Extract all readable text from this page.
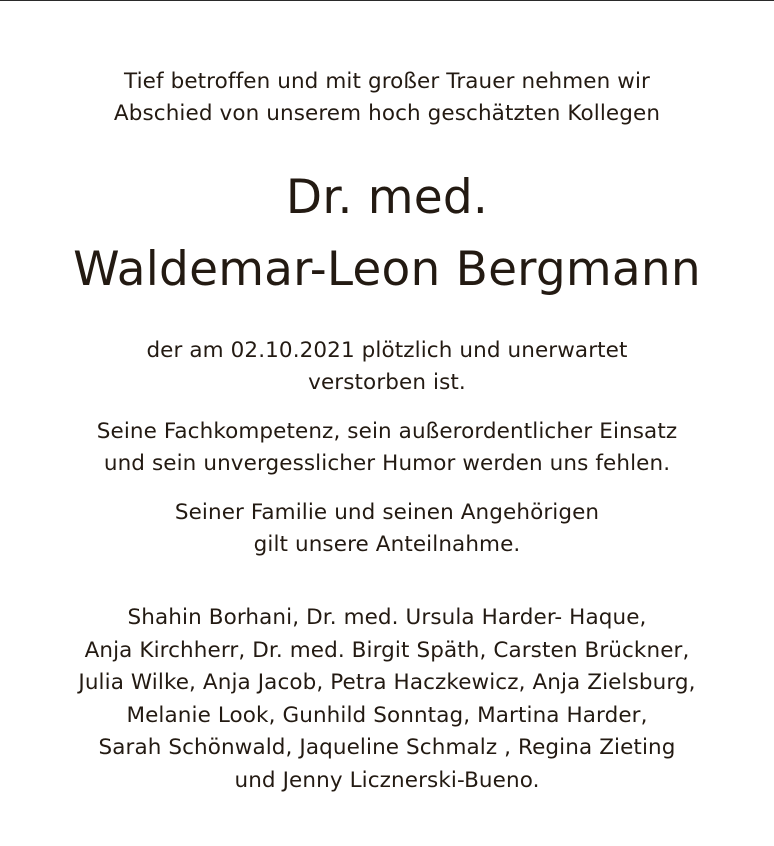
Tief betroffen und mit großer Trauer nehmen wir
Abschied von unserem hoch geschätzten Kollegen
Dr. med.
Waldemar-Leon Bergmann
der am 02.10.2021 plötzlich und unerwartet
verstorben ist.
Seine Fachkompetenz, sein außerordentlicher Einsatz
und sein unvergesslicher Humor werden uns fehlen.
Seiner Familie und seinen Angehörigen
gilt unsere Anteilnahme.
Shahin Borhani, Dr. med. Ursula Harder- Haque,
Anja Kirchherr, Dr. med. Birgit Späth, Carsten Brückner,
Julia Wilke, Anja Jacob, Petra Haczkewicz, Anja Zielsburg,
Melanie Look, Gunhild Sonntag, Martina Harder,
Sarah Schönwald, Jaqueline Schmalz , Regina Zieting
und Jenny Licznerski-Bueno.
